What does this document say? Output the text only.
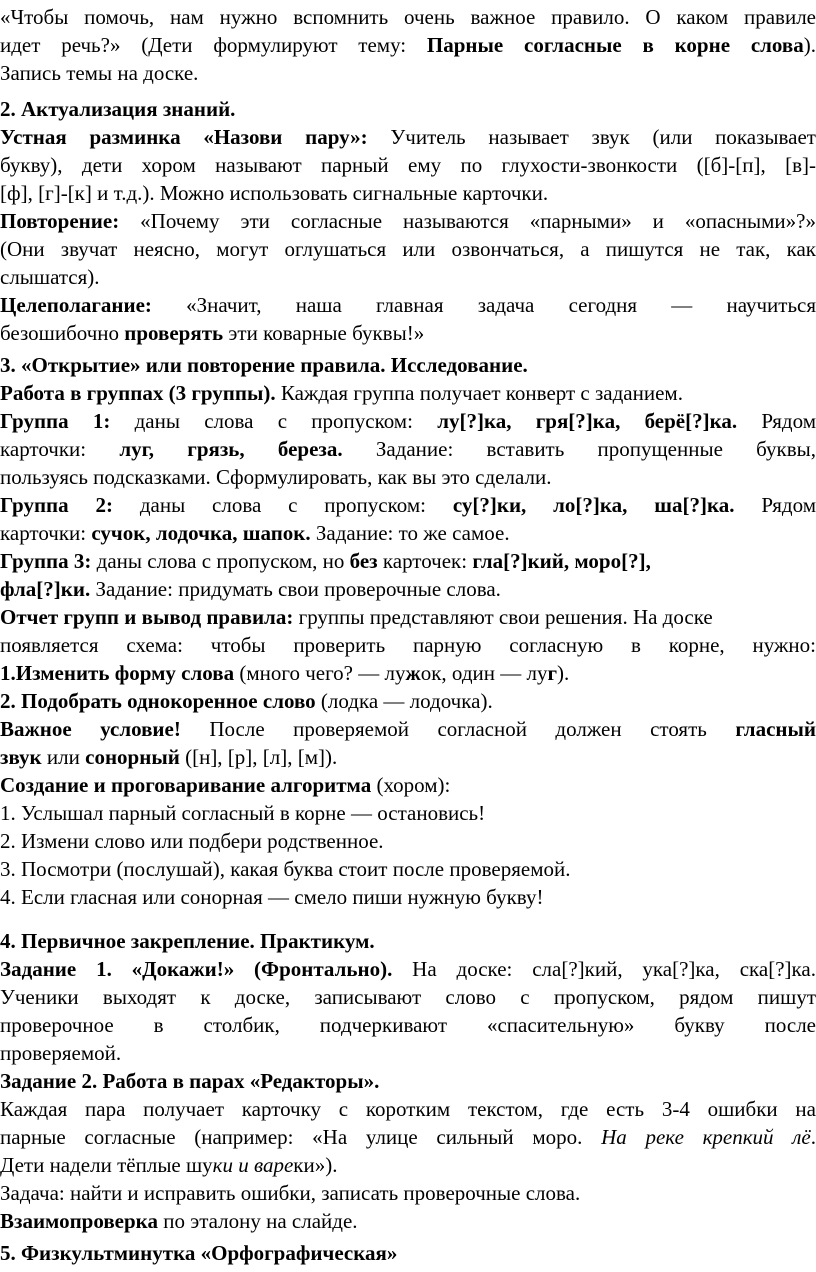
«Чтобы помочь, нам нужно вспомнить очень важное правило. О каком правиле
идет речь?» (Дети формулируют тему: Парные согласные в корне слова).
Запись темы на доске.
2. Актуализация знаний.
Устная разминка «Назови пару»: Учитель называет звук (или показывает
букву), дети хором называют парный ему по глухости-звонкости ([б]-[п], [в]-
[ф], [г]-[к] и т.д.). Можно использовать сигнальные карточки.
Повторение: «Почему эти согласные называются «парными» и «опасными»?»
(Они звучат неясно, могут оглушаться или озвончаться, а пишутся не так, как
слышатся).
Целеполагание: «Значит, наша главная задача сегодня — научиться
безошибочно проверять эти коварные буквы!»
3. «Открытие» или повторение правила. Исследование.
Работа в группах (3 группы). Каждая группа получает конверт с заданием.
Группа 1: даны слова с пропуском: лу[?]ка, гря[?]ка, берё[?]ка. Рядом
карточки: луг, грязь, береза. Задание: вставить пропущенные буквы,
пользуясь подсказками. Сформулировать, как вы это сделали.
Группа 2: даны слова с пропуском: су[?]ки, ло[?]ка, ша[?]ка. Рядом
карточки: сучок, лодочка, шапок. Задание: то же самое.
Группа 3: даны слова с пропуском, но без карточек: гла[?]кий, моро[?],
фла[?]ки. Задание: придумать свои проверочные слова.
Отчет групп и вывод правила: группы представляют свои решения. На доске
появляется схема: чтобы проверить парную согласную в корне, нужно:
1.Изменить форму слова (много чего? — лужок, один — луг).
2. Подобрать однокоренное слово (лодка — лодочка).
Важное условие! После проверяемой согласной должен стоять гласный
звук или сонорный ([н], [р], [л], [м]).
Создание и проговаривание алгоритма (хором):
1. Услышал парный согласный в корне — остановись!
2. Измени слово или подбери родственное.
3. Посмотри (послушай), какая буква стоит после проверяемой.
4. Если гласная или сонорная — смело пиши нужную букву!
4. Первичное закрепление. Практикум.
Задание 1. «Докажи!» (Фронтально). На доске: сла[?]кий, ука[?]ка, ска[?]ка.
Ученики выходят к доске, записывают слово с пропуском, рядом пишут
проверочное в столбик, подчеркивают «спасительную» букву после
проверяемой.
Задание 2. Работа в парах «Редакторы».
Каждая пара получает карточку с коротким текстом, где есть 3-4 ошибки на
парные согласные (например: «На улице сильный моро. На реке крепкий лё.
Дети надели тёплые шуки и вареки»).
Задача: найти и исправить ошибки, записать проверочные слова.
Взаимопроверка по эталону на слайде.
5. Физкультминутка «Орфографическая»
